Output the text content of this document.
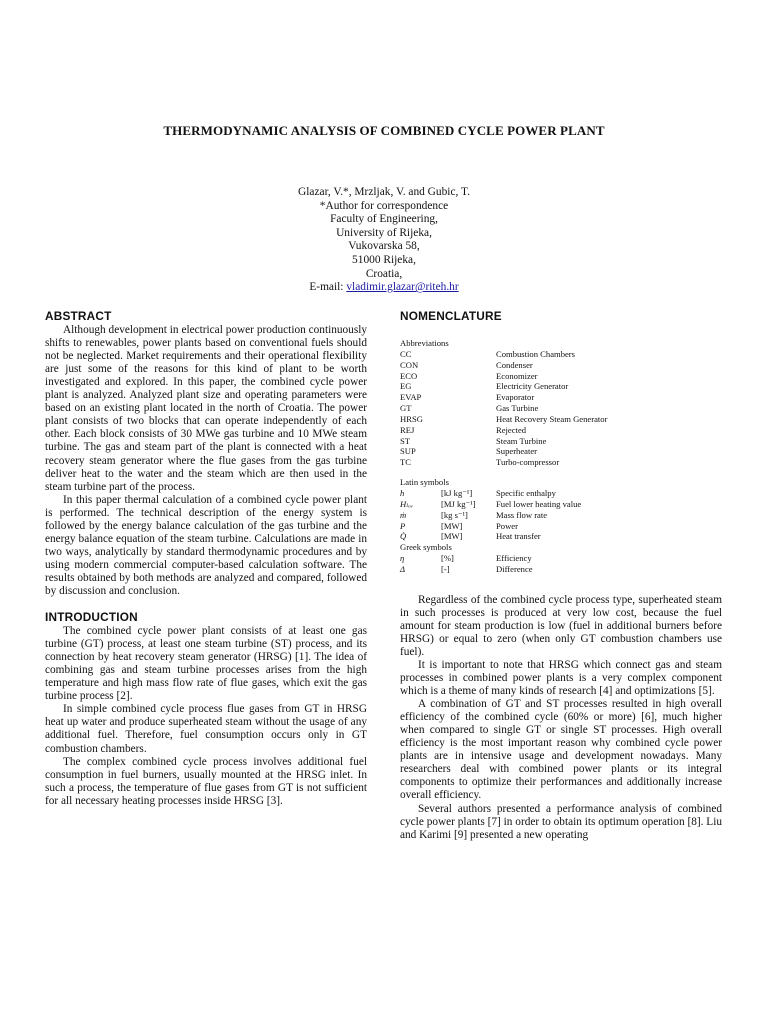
THERMODYNAMIC ANALYSIS OF COMBINED CYCLE POWER PLANT
Glazar, V.*, Mrzljak, V. and Gubic, T.
*Author for correspondence
Faculty of Engineering,
University of Rijeka,
Vukovarska 58,
51000 Rijeka,
Croatia,
E-mail: vladimir.glazar@riteh.hr
ABSTRACT

Although development in electrical power production continuously shifts to renewables, power plants based on conventional fuels should not be neglected. Market requirements and their operational flexibility are just some of the reasons for this kind of plant to be worth investigated and explored. In this paper, the combined cycle power plant is analyzed. Analyzed plant size and operating parameters were based on an existing plant located in the north of Croatia. The power plant consists of two blocks that can operate independently of each other. Each block consists of 30 MWe gas turbine and 10 MWe steam turbine. The gas and steam part of the plant is connected with a heat recovery steam generator where the flue gases from the gas turbine deliver heat to the water and the steam which are then used in the steam turbine part of the process.

In this paper thermal calculation of a combined cycle power plant is performed. The technical description of the energy system is followed by the energy balance calculation of the gas turbine and the energy balance equation of the steam turbine. Calculations are made in two ways, analytically by standard thermodynamic procedures and by using modern commercial computer-based calculation software. The results obtained by both methods are analyzed and compared, followed by discussion and conclusion.

INTRODUCTION

The combined cycle power plant consists of at least one gas turbine (GT) process, at least one steam turbine (ST) process, and its connection by heat recovery steam generator (HRSG) [1]. The idea of combining gas and steam turbine processes arises from the high temperature and high mass flow rate of flue gases, which exit the gas turbine process [2].

In simple combined cycle process flue gases from GT in HRSG heat up water and produce superheated steam without the usage of any additional fuel. Therefore, fuel consumption occurs only in GT combustion chambers.

The complex combined cycle process involves additional fuel consumption in fuel burners, usually mounted at the HRSG inlet. In such a process, the temperature of flue gases from GT is not sufficient for all necessary heating processes inside HRSG [3].

NOMENCLATURE
Abbreviations
CC	Combustion Chambers
CON	Condenser
ECO	Economizer
EG	Electricity Generator
EVAP	Evaporator
GT	Gas Turbine
HRSG	Heat Recovery Steam Generator
REJ	Rejected
ST	Steam Turbine
SUP	Superheater
TC	Turbo-compressor
Latin symbols
h	[kJ kg⁻¹]	Specific enthalpy
Hₗₒᵥ	[MJ kg⁻¹]	Fuel lower heating value
ṁ	[kg s⁻¹]	Mass flow rate
P	[MW]	Power
Q̇	[MW]	Heat transfer
Greek symbols
η	[%]	Efficiency
Δ	[-]	Difference

Regardless of the combined cycle process type, superheated steam in such processes is produced at very low cost, because the fuel amount for steam production is low (fuel in additional burners before HRSG) or equal to zero (when only GT combustion chambers use fuel).

It is important to note that HRSG which connect gas and steam processes in combined power plants is a very complex component which is a theme of many kinds of research [4] and optimizations [5].

A combination of GT and ST processes resulted in high overall efficiency of the combined cycle (60% or more) [6], much higher when compared to single GT or single ST processes. High overall efficiency is the most important reason why combined cycle power plants are in intensive usage and development nowadays. Many researchers deal with combined power plants or its integral components to optimize their performances and additionally increase overall efficiency.

Several authors presented a performance analysis of combined cycle power plants [7] in order to obtain its optimum operation [8]. Liu and Karimi [9] presented a new operating
